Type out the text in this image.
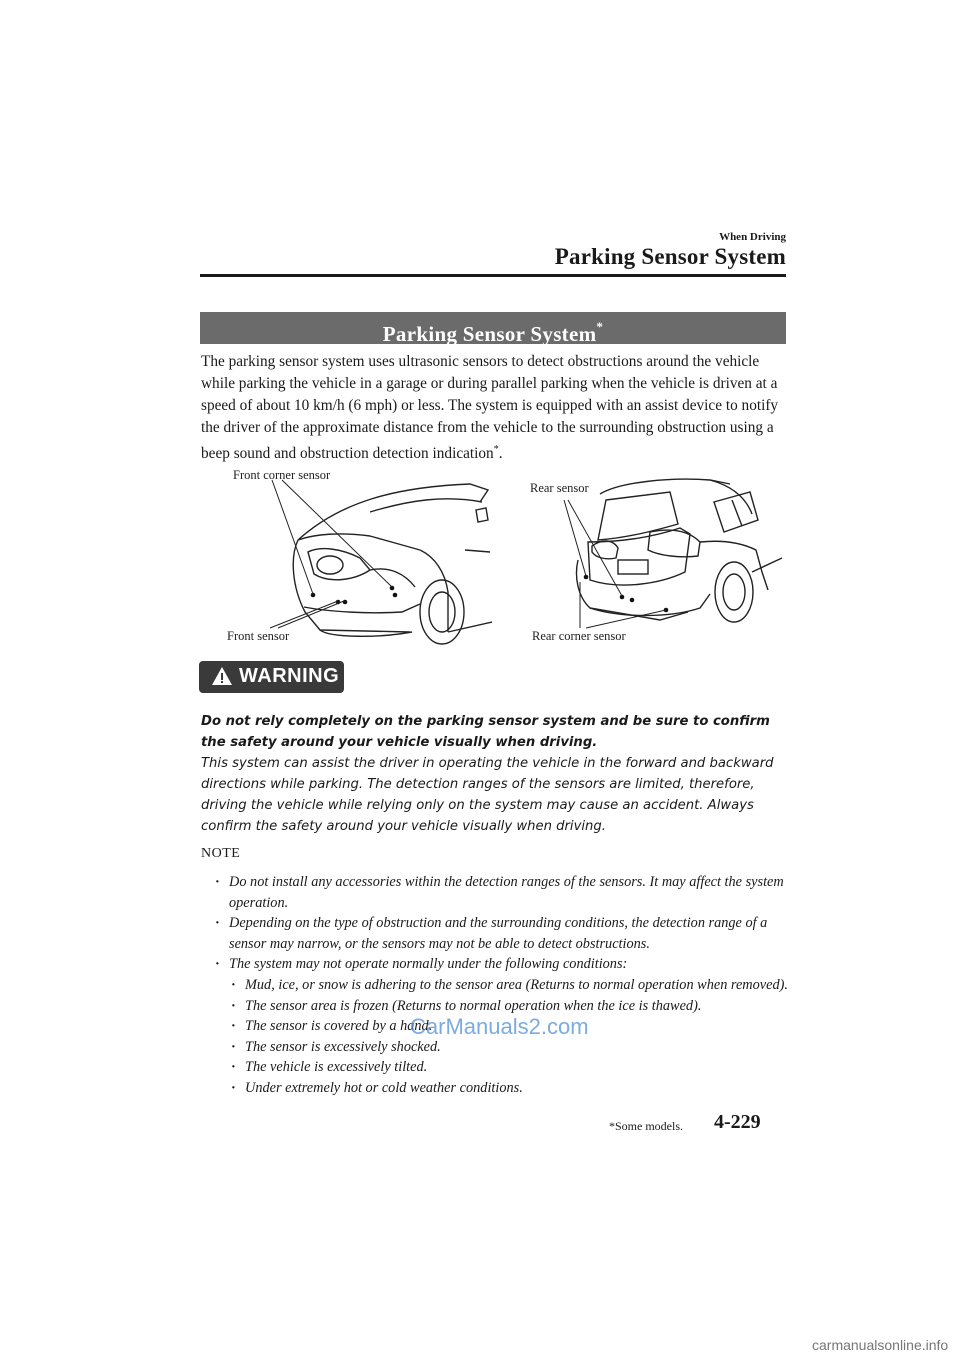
When Driving
Parking Sensor System
Parking Sensor System*

The parking sensor system uses ultrasonic sensors to detect obstructions around the vehicle while parking the vehicle in a garage or during parallel parking when the vehicle is driven at a speed of about 10 km/h (6 mph) or less. The system is equipped with an assist device to notify the driver of the approximate distance from the vehicle to the surrounding obstruction using a beep sound and obstruction detection indication*.

Front corner sensor
Front sensor
Rear sensor
Rear corner sensor
WARNING

Do not rely completely on the parking sensor system and be sure to confirm the safety around your vehicle visually when driving.
This system can assist the driver in operating the vehicle in the forward and backward directions while parking. The detection ranges of the sensors are limited, therefore, driving the vehicle while relying only on the system may cause an accident. Always confirm the safety around your vehicle visually when driving.

NOTE
· Do not install any accessories within the detection ranges of the sensors. It may affect the system operation.
· Depending on the type of obstruction and the surrounding conditions, the detection range of a sensor may narrow, or the sensors may not be able to detect obstructions.
· The system may not operate normally under the following conditions:
· Mud, ice, or snow is adhering to the sensor area (Returns to normal operation when removed).
· The sensor area is frozen (Returns to normal operation when the ice is thawed).
· The sensor is covered by a hand.
· The sensor is excessively shocked.
· The vehicle is excessively tilted.
· Under extremely hot or cold weather conditions.
CarManuals2.com
*Some models. 4-229
carmanualsonline.info
